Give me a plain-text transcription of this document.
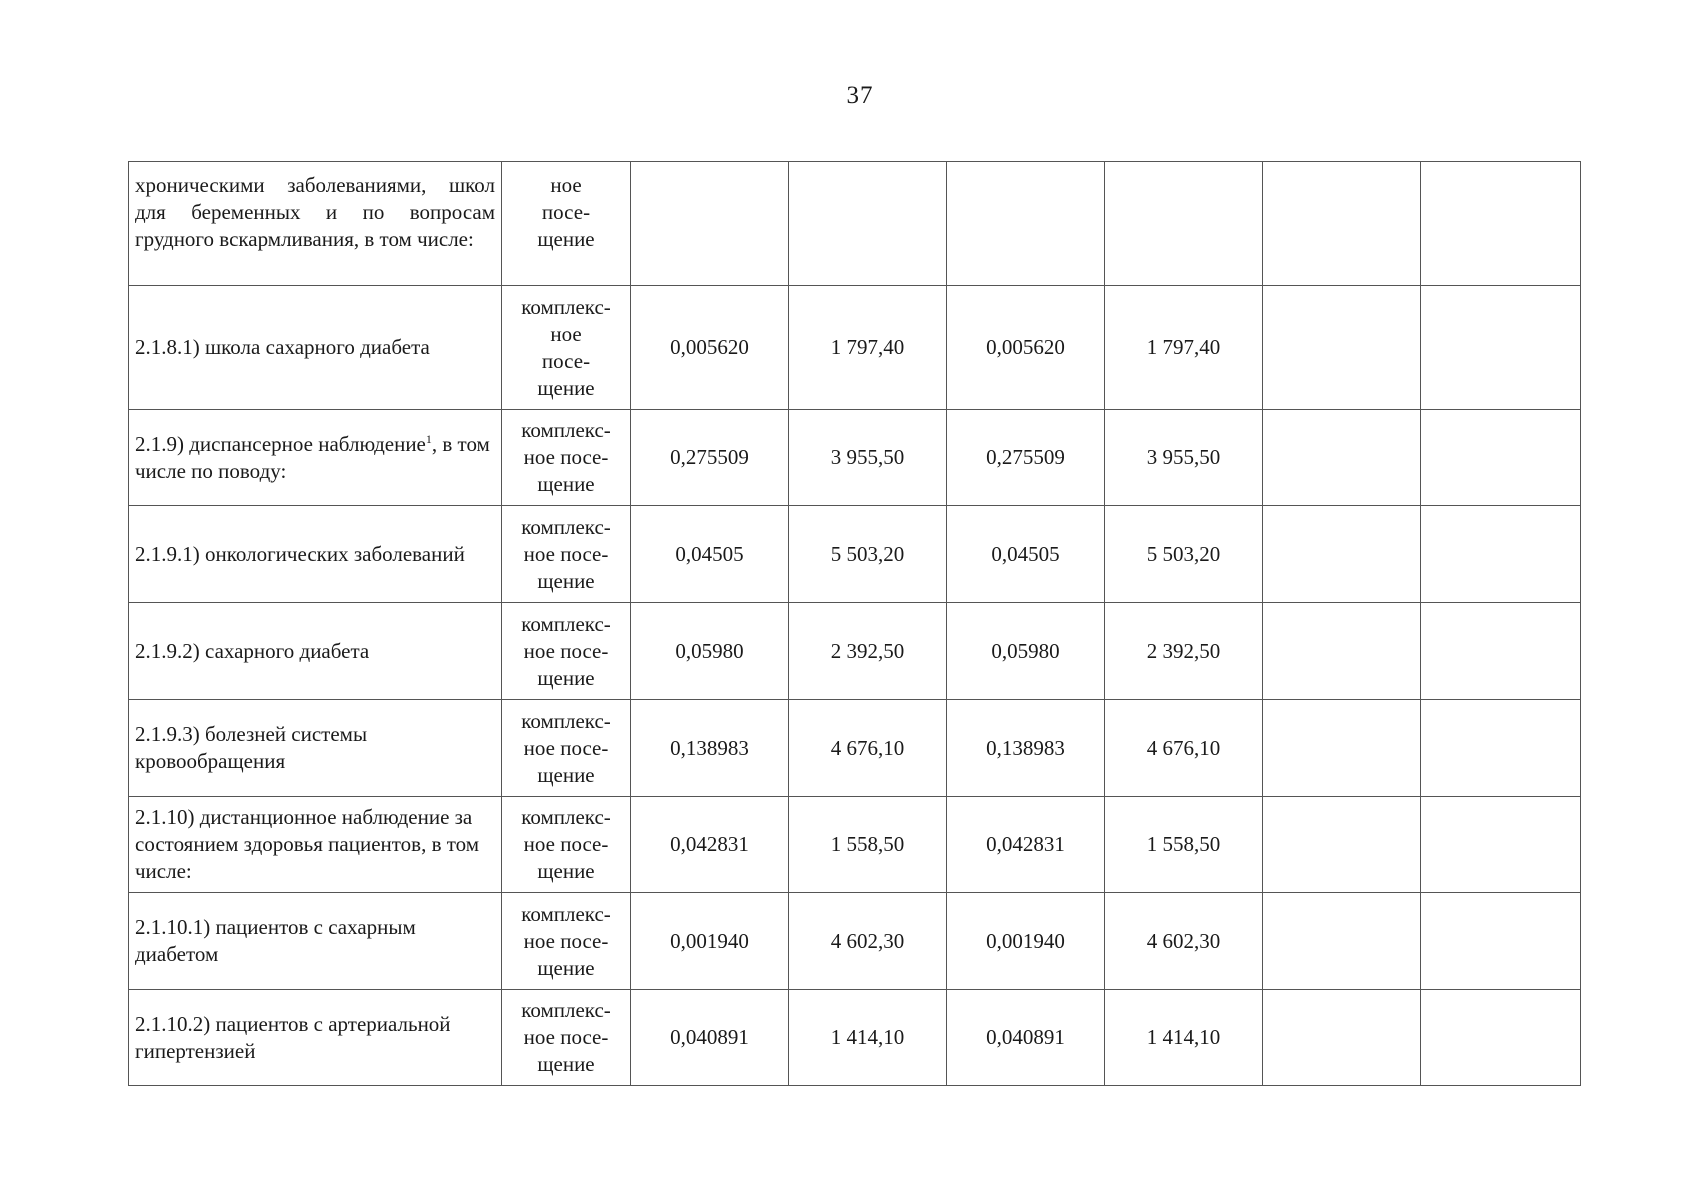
37
хроническими заболеваниями, школ для беременных и по вопросам грудного вскармливания, в том числе:	ное
посе-
щение						
2.1.8.1) школа сахарного диабета	комплекс-
ное
посе-
щение	0,005620	1 797,40	0,005620	1 797,40		
2.1.9) диспансерное наблюдение$^1$, в том числе по поводу:	комплекс-
ное посе-
щение	0,275509	3 955,50	0,275509	3 955,50		
2.1.9.1) онкологических заболеваний	комплекс-
ное посе-
щение	0,04505	5 503,20	0,04505	5 503,20		
2.1.9.2) сахарного диабета	комплекс-
ное посе-
щение	0,05980	2 392,50	0,05980	2 392,50		
2.1.9.3) болезней системы кровообращения	комплекс-
ное посе-
щение	0,138983	4 676,10	0,138983	4 676,10		
2.1.10) дистанционное наблюдение за состоянием здоровья пациентов, в том числе:	комплекс-
ное посе-
щение	0,042831	1 558,50	0,042831	1 558,50		
2.1.10.1) пациентов с сахарным диабетом	комплекс-
ное посе-
щение	0,001940	4 602,30	0,001940	4 602,30		
2.1.10.2) пациентов с артериальной гипертензией	комплекс-
ное посе-
щение	0,040891	1 414,10	0,040891	1 414,10		
